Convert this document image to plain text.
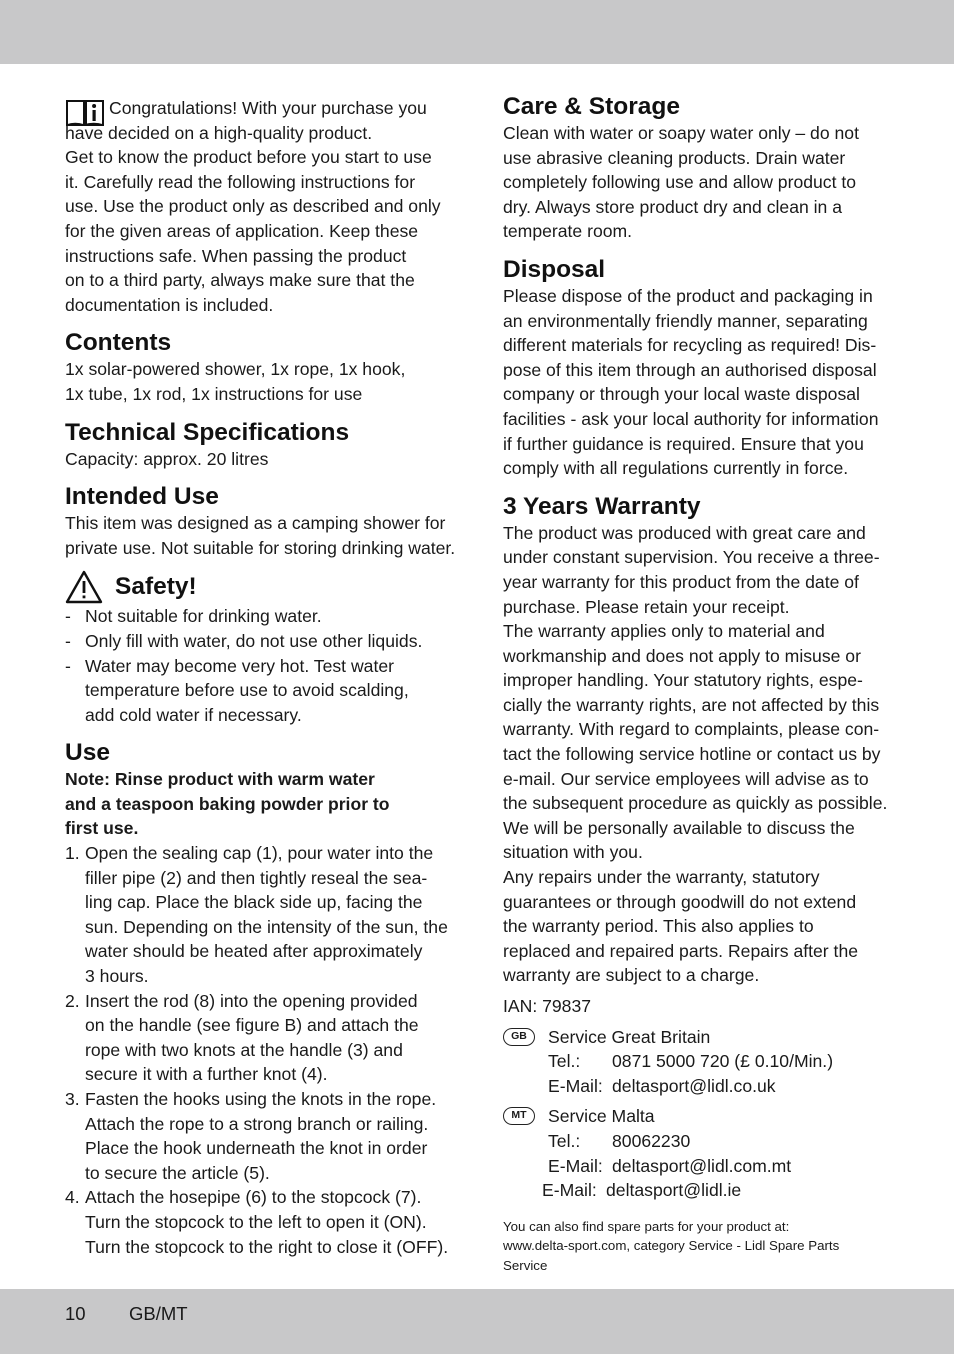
Congratulations! With your purchase you
have decided on a high-quality product.
Get to know the product before you start to use
it. Carefully read the following instructions for
use. Use the product only as described and only
for the given areas of application. Keep these
instructions safe. When passing the product
on to a third party, always make sure that the
documentation is included.
Contents
1x solar-powered shower, 1x rope, 1x hook,
1x tube, 1x rod, 1x instructions for use
Technical Specifications
Capacity: approx. 20 litres
Intended Use
This item was designed as a camping shower for
private use. Not suitable for storing drinking water.
Safety!
- Not suitable for drinking water.
- Only fill with water, do not use other liquids.
- Water may become very hot. Test water
temperature before use to avoid scalding,
add cold water if necessary.
Use
Note: Rinse product with warm water
and a teaspoon baking powder prior to
first use.
1. Open the sealing cap (1), pour water into the
filler pipe (2) and then tightly reseal the sea-
ling cap. Place the black side up, facing the
sun. Depending on the intensity of the sun, the
water should be heated after approximately
3 hours.
2. Insert the rod (8) into the opening provided
on the handle (see figure B) and attach the
rope with two knots at the handle (3) and
secure it with a further knot (4).
3. Fasten the hooks using the knots in the rope.
Attach the rope to a strong branch or railing.
Place the hook underneath the knot in order
to secure the article (5).
4. Attach the hosepipe (6) to the stopcock (7).
Turn the stopcock to the left to open it (ON).
Turn the stopcock to the right to close it (OFF).
Care & Storage
Clean with water or soapy water only – do not
use abrasive cleaning products. Drain water
completely following use and allow product to
dry. Always store product dry and clean in a
temperate room.
Disposal
Please dispose of the product and packaging in
an environmentally friendly manner, separating
different materials for recycling as required! Dis-
pose of this item through an authorised disposal
company or through your local waste disposal
facilities - ask your local authority for information
if further guidance is required. Ensure that you
comply with all regulations currently in force.
3 Years Warranty
The product was produced with great care and
under constant supervision. You receive a three-
year warranty for this product from the date of
purchase. Please retain your receipt.
The warranty applies only to material and
workmanship and does not apply to misuse or
improper handling. Your statutory rights, espe-
cially the warranty rights, are not affected by this
warranty. With regard to complaints, please con-
tact the following service hotline or contact us by
e-mail. Our service employees will advise as to
the subsequent procedure as quickly as possible.
We will be personally available to discuss the
situation with you.
Any repairs under the warranty, statutory
guarantees or through goodwill do not extend
the warranty period. This also applies to
replaced and repaired parts. Repairs after the
warranty are subject to a charge.
IAN: 79837
GB	Service Great Britain
Tel.:	0871 5000 720 (£ 0.10/Min.)
E-Mail: deltasport@lidl.co.uk
MT	Service Malta
Tel.:	80062230
E-Mail: deltasport@lidl.com.mt
E-Mail: deltasport@lidl.ie
You can also find spare parts for your product at:
www.delta-sport.com, category Service - Lidl Spare Parts
Service
10 GB/MT
